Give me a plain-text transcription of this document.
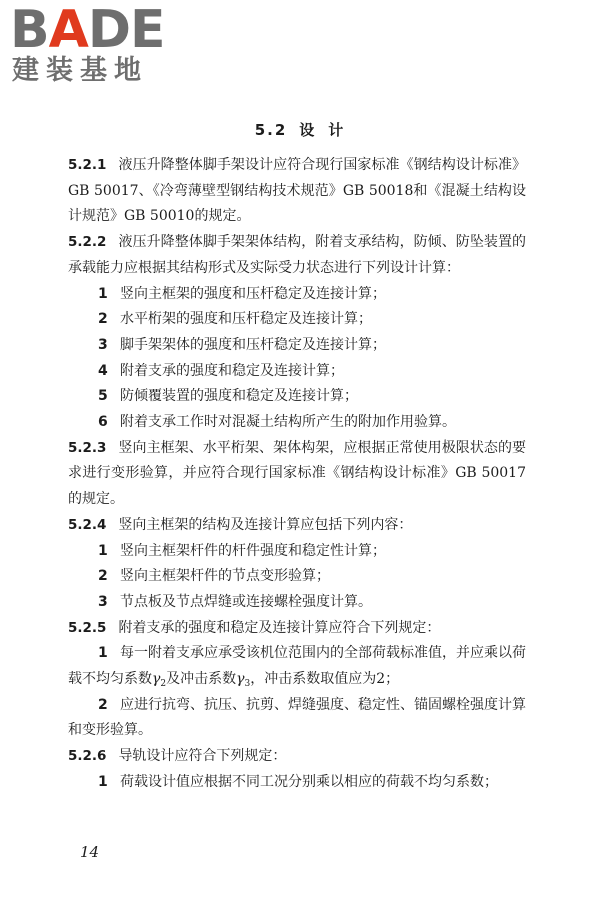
BADE

建装基地

5.2 设 计

5.2.1 液压升降整体脚手架设计应符合现行国家标准《钢结构设计标准》GB 50017、《冷弯薄壁型钢结构技术规范》GB 50018和《混凝土结构设计规范》GB 50010的规定。

5.2.2 液压升降整体脚手架架体结构，附着支承结构，防倾、防坠装置的承载能力应根据其结构形式及实际受力状态进行下列设计计算：

1 竖向主框架的强度和压杆稳定及连接计算；

2 水平桁架的强度和压杆稳定及连接计算；

3 脚手架架体的强度和压杆稳定及连接计算；

4 附着支承的强度和稳定及连接计算；

5 防倾覆装置的强度和稳定及连接计算；

6 附着支承工作时对混凝土结构所产生的附加作用验算。

5.2.3 竖向主框架、水平桁架、架体构架，应根据正常使用极限状态的要求进行变形验算，并应符合现行国家标准《钢结构设计标准》GB 50017的规定。

5.2.4 竖向主框架的结构及连接计算应包括下列内容：

1 竖向主框架杆件的杆件强度和稳定性计算；

2 竖向主框架杆件的节点变形验算；

3 节点板及节点焊缝或连接螺栓强度计算。

5.2.5 附着支承的强度和稳定及连接计算应符合下列规定：

1 每一附着支承应承受该机位范围内的全部荷载标准值，并应乘以荷载不均匀系数$\gamma_2$及冲击系数$\gamma_3$，冲击系数取值应为2；

2 应进行抗弯、抗压、抗剪、焊缝强度、稳定性、锚固螺栓强度计算和变形验算。

5.2.6 导轨设计应符合下列规定：

1 荷载设计值应根据不同工况分别乘以相应的荷载不均匀系数；

14
